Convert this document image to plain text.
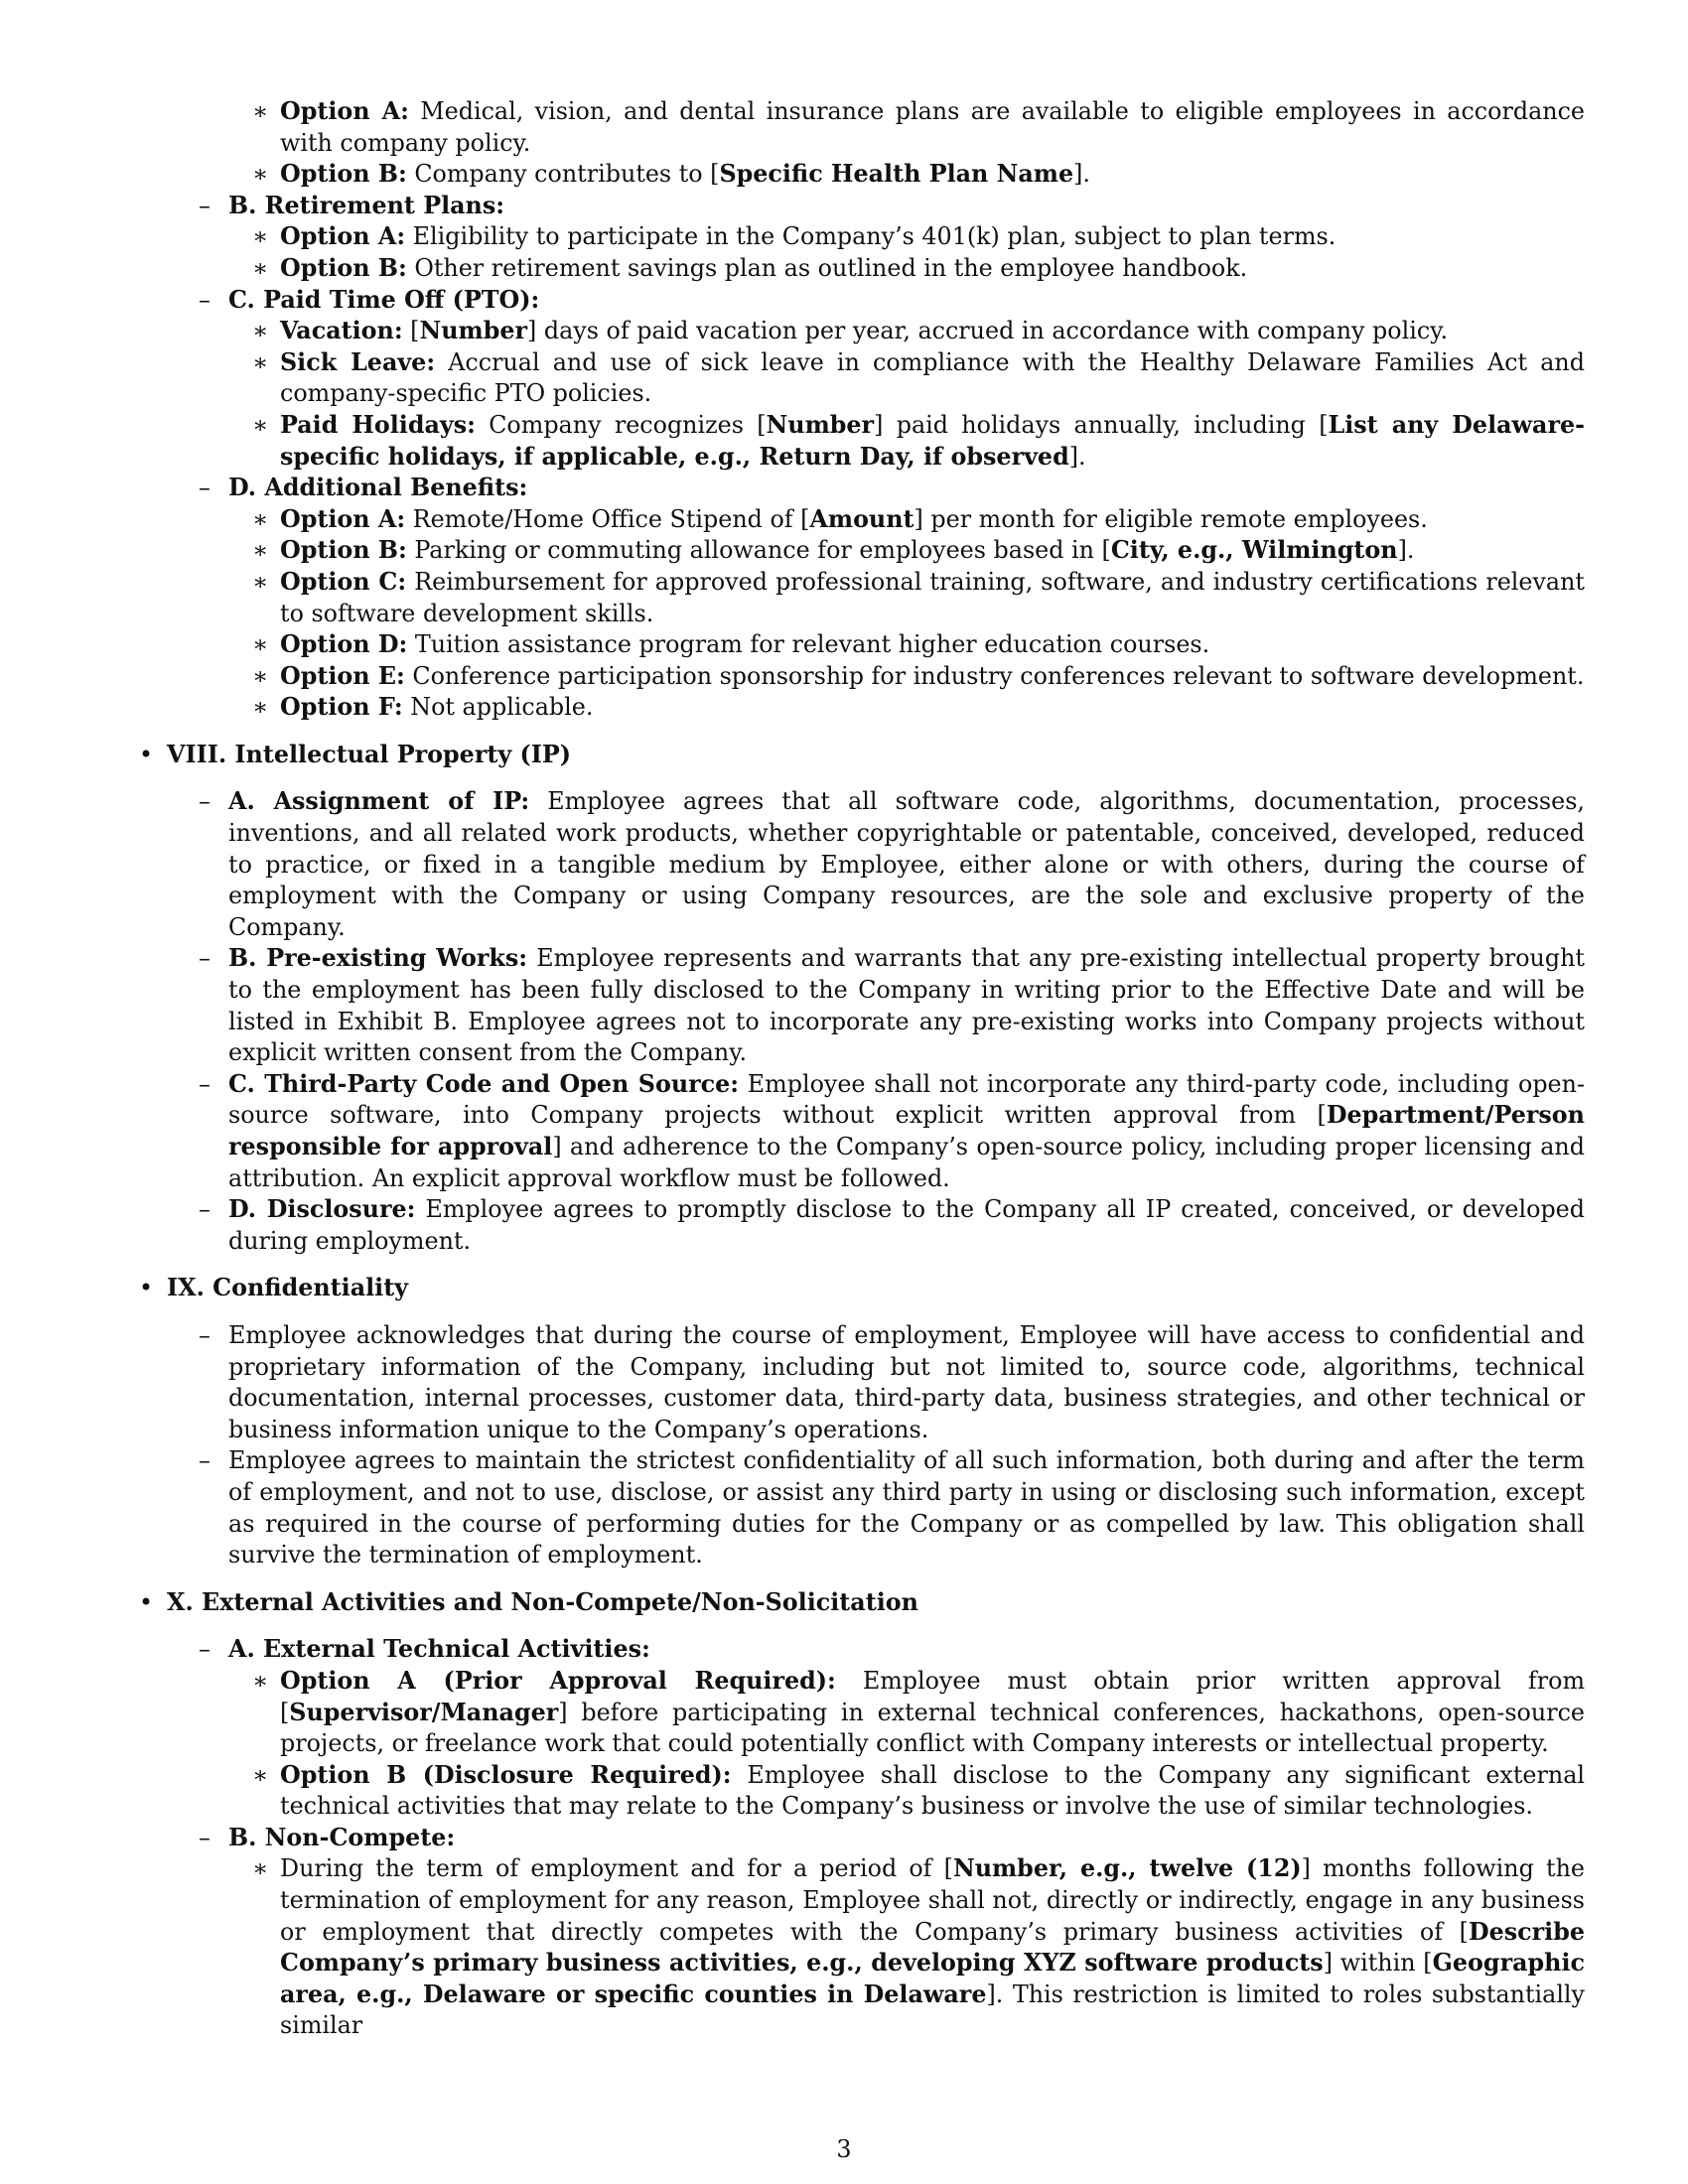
∗ Option A: Medical, vision, and dental insurance plans are available to eligible employees in accordance with company policy.
∗ Option B: Company contributes to [Specific Health Plan Name].
– B. Retirement Plans:
∗ Option A: Eligibility to participate in the Company’s 401(k) plan, subject to plan terms.
∗ Option B: Other retirement savings plan as outlined in the employee handbook.
– C. Paid Time Off (PTO):
∗ Vacation: [Number] days of paid vacation per year, accrued in accordance with company policy.
∗ Sick Leave: Accrual and use of sick leave in compliance with the Healthy Delaware Families Act and company-specific PTO policies.
∗ Paid Holidays: Company recognizes [Number] paid holidays annually, including [List any Delaware-specific holidays, if applicable, e.g., Return Day, if observed].
– D. Additional Benefits:
∗ Option A: Remote/Home Office Stipend of [Amount] per month for eligible remote employees.
∗ Option B: Parking or commuting allowance for employees based in [City, e.g., Wilmington].
∗ Option C: Reimbursement for approved professional training, software, and industry certifications relevant to software development skills.
∗ Option D: Tuition assistance program for relevant higher education courses.
∗ Option E: Conference participation sponsorship for industry conferences relevant to software development.
∗ Option F: Not applicable.
• VIII. Intellectual Property (IP)
– A. Assignment of IP: Employee agrees that all software code, algorithms, documentation, processes, inventions, and all related work products, whether copyrightable or patentable, conceived, developed, reduced to practice, or fixed in a tangible medium by Employee, either alone or with others, during the course of employment with the Company or using Company resources, are the sole and exclusive property of the Company.
– B. Pre-existing Works: Employee represents and warrants that any pre-existing intellectual property brought to the employment has been fully disclosed to the Company in writing prior to the Effective Date and will be listed in Exhibit B. Employee agrees not to incorporate any pre-existing works into Company projects without explicit written consent from the Company.
– C. Third-Party Code and Open Source: Employee shall not incorporate any third-party code, including open-source software, into Company projects without explicit written approval from [Department/Person responsible for approval] and adherence to the Company’s open-source policy, including proper licensing and attribution. An explicit approval workflow must be followed.
– D. Disclosure: Employee agrees to promptly disclose to the Company all IP created, conceived, or developed during employment.
• IX. Confidentiality
– Employee acknowledges that during the course of employment, Employee will have access to confidential and proprietary information of the Company, including but not limited to, source code, algorithms, technical documentation, internal processes, customer data, third-party data, business strategies, and other technical or business information unique to the Company’s operations.
– Employee agrees to maintain the strictest confidentiality of all such information, both during and after the term of employment, and not to use, disclose, or assist any third party in using or disclosing such information, except as required in the course of performing duties for the Company or as compelled by law. This obligation shall survive the termination of employment.
• X. External Activities and Non-Compete/Non-Solicitation
– A. External Technical Activities:
∗ Option A (Prior Approval Required): Employee must obtain prior written approval from [Supervisor/Manager] before participating in external technical conferences, hackathons, open-source projects, or freelance work that could potentially conflict with Company interests or intellectual property.
∗ Option B (Disclosure Required): Employee shall disclose to the Company any significant external technical activities that may relate to the Company’s business or involve the use of similar technologies.
– B. Non-Compete:
∗ During the term of employment and for a period of [Number, e.g., twelve (12)] months following the termination of employment for any reason, Employee shall not, directly or indirectly, engage in any business or employment that directly competes with the Company’s primary business activities of [Describe Company’s primary business activities, e.g., developing XYZ software products] within [Geographic area, e.g., Delaware or specific counties in Delaware]. This restriction is limited to roles substantially similar
3
